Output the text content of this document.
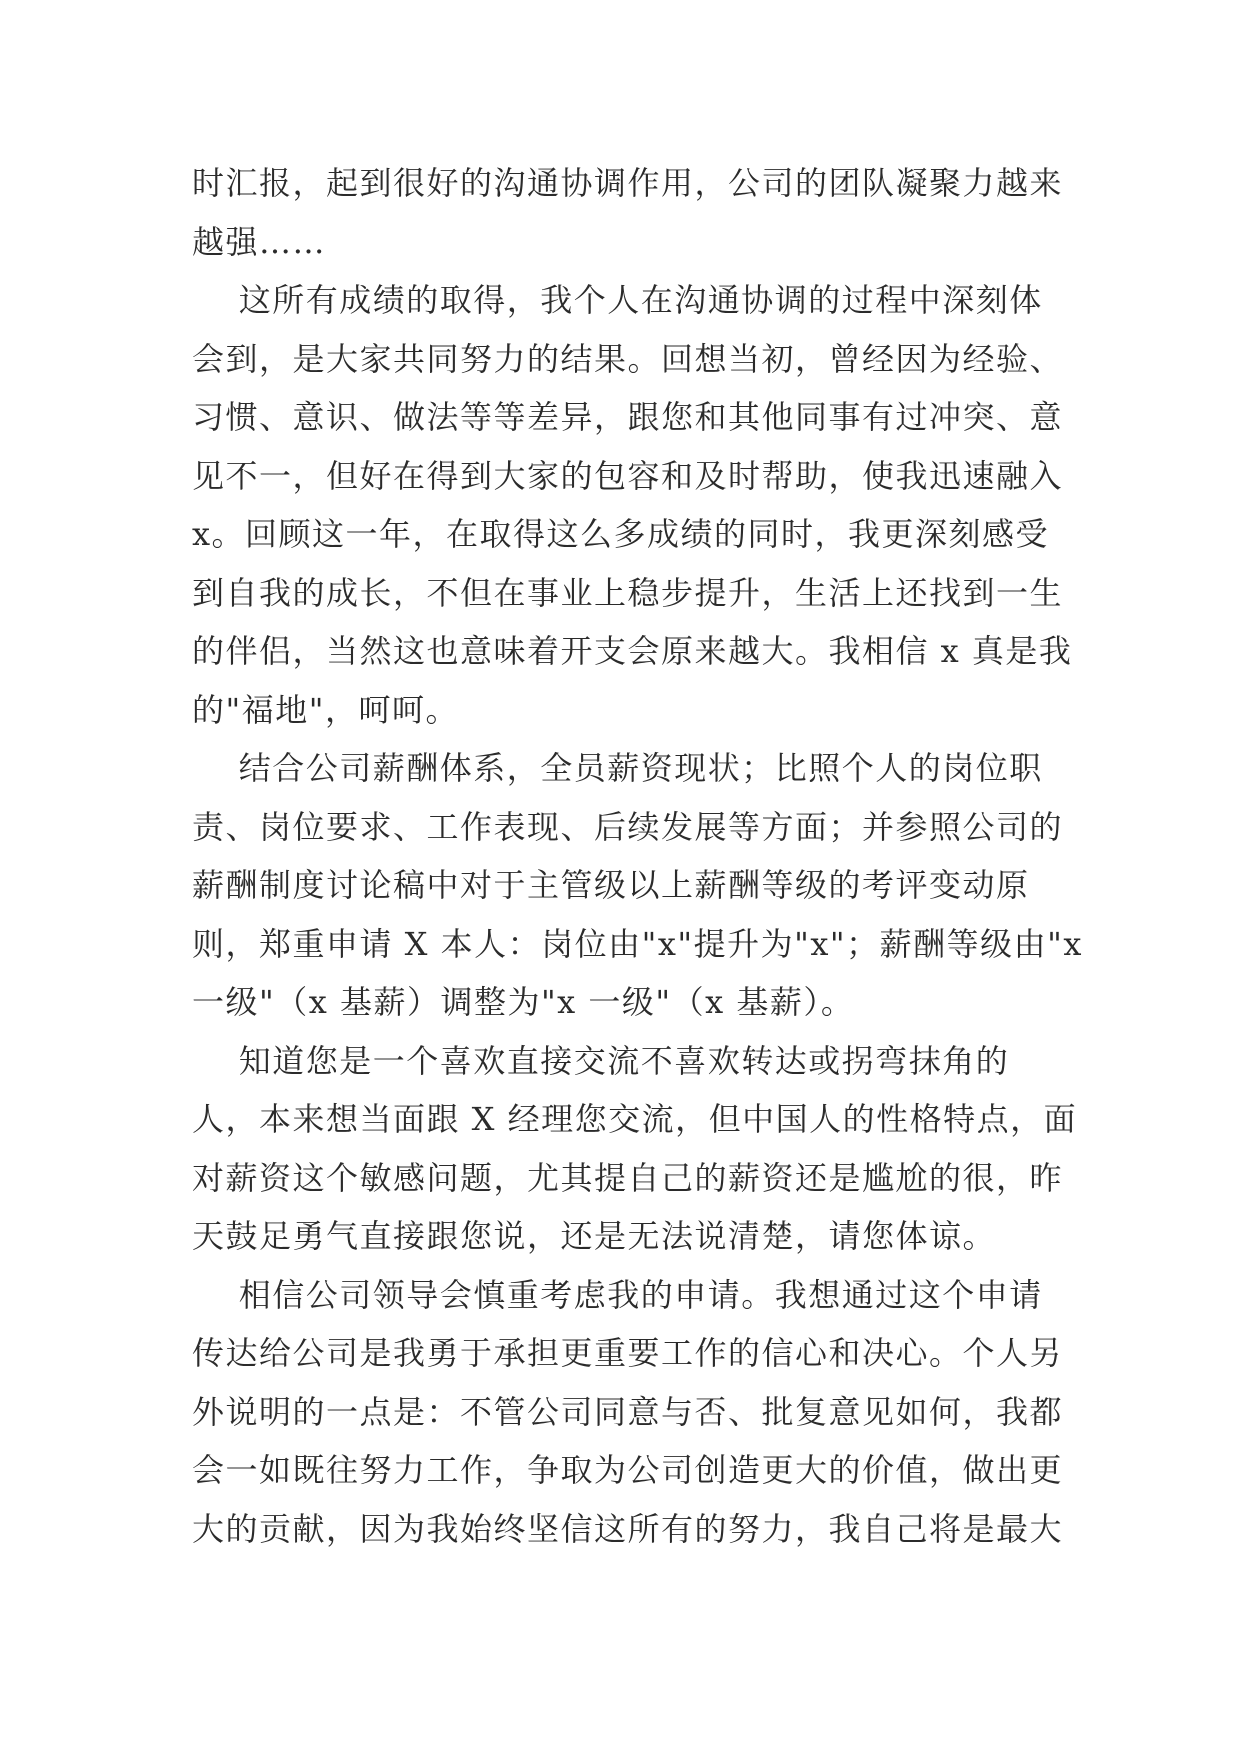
时汇报，起到很好的沟通协调作用，公司的团队凝聚力越来
越强……
这所有成绩的取得，我个人在沟通协调的过程中深刻体
会到，是大家共同努力的结果。回想当初，曾经因为经验、
习惯、意识、做法等等差异，跟您和其他同事有过冲突、意
见不一，但好在得到大家的包容和及时帮助，使我迅速融入
x。回顾这一年，在取得这么多成绩的同时，我更深刻感受
到自我的成长，不但在事业上稳步提升，生活上还找到一生
的伴侣，当然这也意味着开支会原来越大。我相信 x 真是我
的"福地"，呵呵。
结合公司薪酬体系，全员薪资现状；比照个人的岗位职
责、岗位要求、工作表现、后续发展等方面；并参照公司的
薪酬制度讨论稿中对于主管级以上薪酬等级的考评变动原
则，郑重申请 X 本人：岗位由"x"提升为"x"；薪酬等级由"x
一级"（x 基薪）调整为"x 一级"（x 基薪）。
知道您是一个喜欢直接交流不喜欢转达或拐弯抹角的
人，本来想当面跟 X 经理您交流，但中国人的性格特点，面
对薪资这个敏感问题，尤其提自己的薪资还是尴尬的很，昨
天鼓足勇气直接跟您说，还是无法说清楚，请您体谅。
相信公司领导会慎重考虑我的申请。我想通过这个申请
传达给公司是我勇于承担更重要工作的信心和决心。个人另
外说明的一点是：不管公司同意与否、批复意见如何，我都
会一如既往努力工作，争取为公司创造更大的价值，做出更
大的贡献，因为我始终坚信这所有的努力，我自己将是最大
